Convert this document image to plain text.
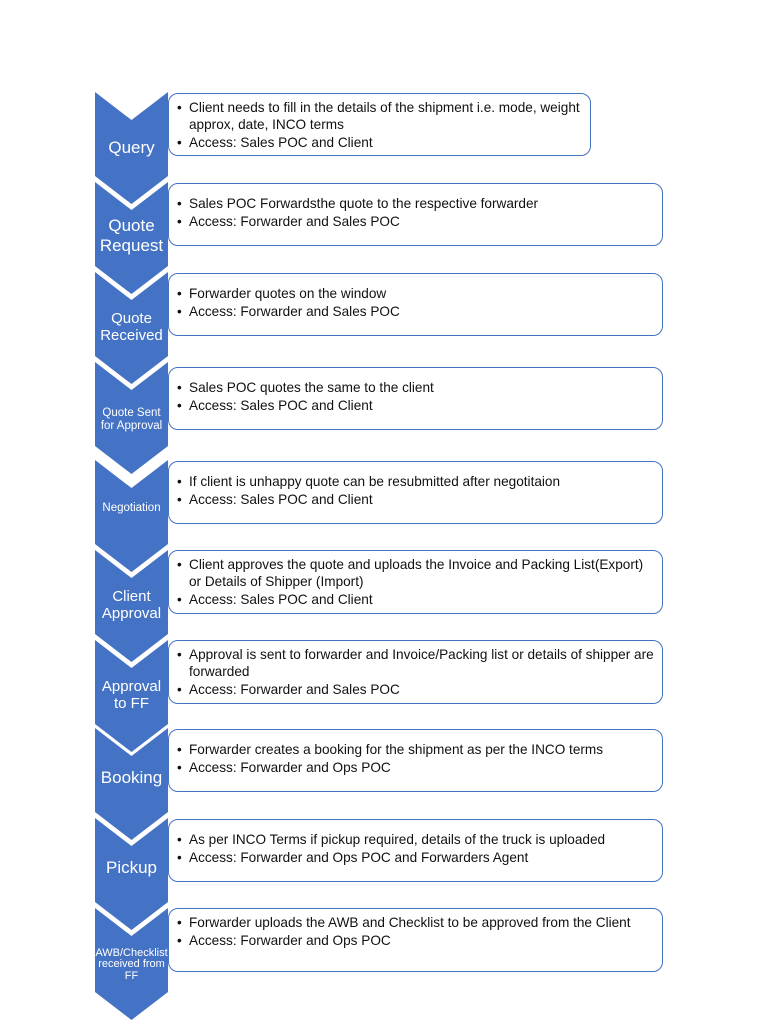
Query
• Client needs to fill in the details of the shipment i.e. mode, weight approx, date, INCO terms
• Access: Sales POC and Client
Quote Request
• Sales POC Forwardsthe quote to the respective forwarder
• Access: Forwarder and Sales POC
Quote Received
• Forwarder quotes on the window
• Access: Forwarder and Sales POC
Quote Sent for Approval
• Sales POC quotes the same to the client
• Access: Sales POC and Client
Negotiation
• If client is unhappy quote can be resubmitted after negotitaion
• Access: Sales POC and Client
Client Approval
• Client approves the quote and uploads the Invoice and Packing List(Export) or Details of Shipper (Import)
• Access: Sales POC and Client
Approval to FF
• Approval is sent to forwarder and Invoice/Packing list or details of shipper are forwarded
• Access: Forwarder and Sales POC
Booking
• Forwarder creates a booking for the shipment as per the INCO terms
• Access: Forwarder and Ops POC
Pickup
• As per INCO Terms if pickup required, details of the truck is uploaded
• Access: Forwarder and Ops POC and Forwarders Agent
AWB/Checklist received from FF
• Forwarder uploads the AWB and Checklist to be approved from the Client
• Access: Forwarder and Ops POC
